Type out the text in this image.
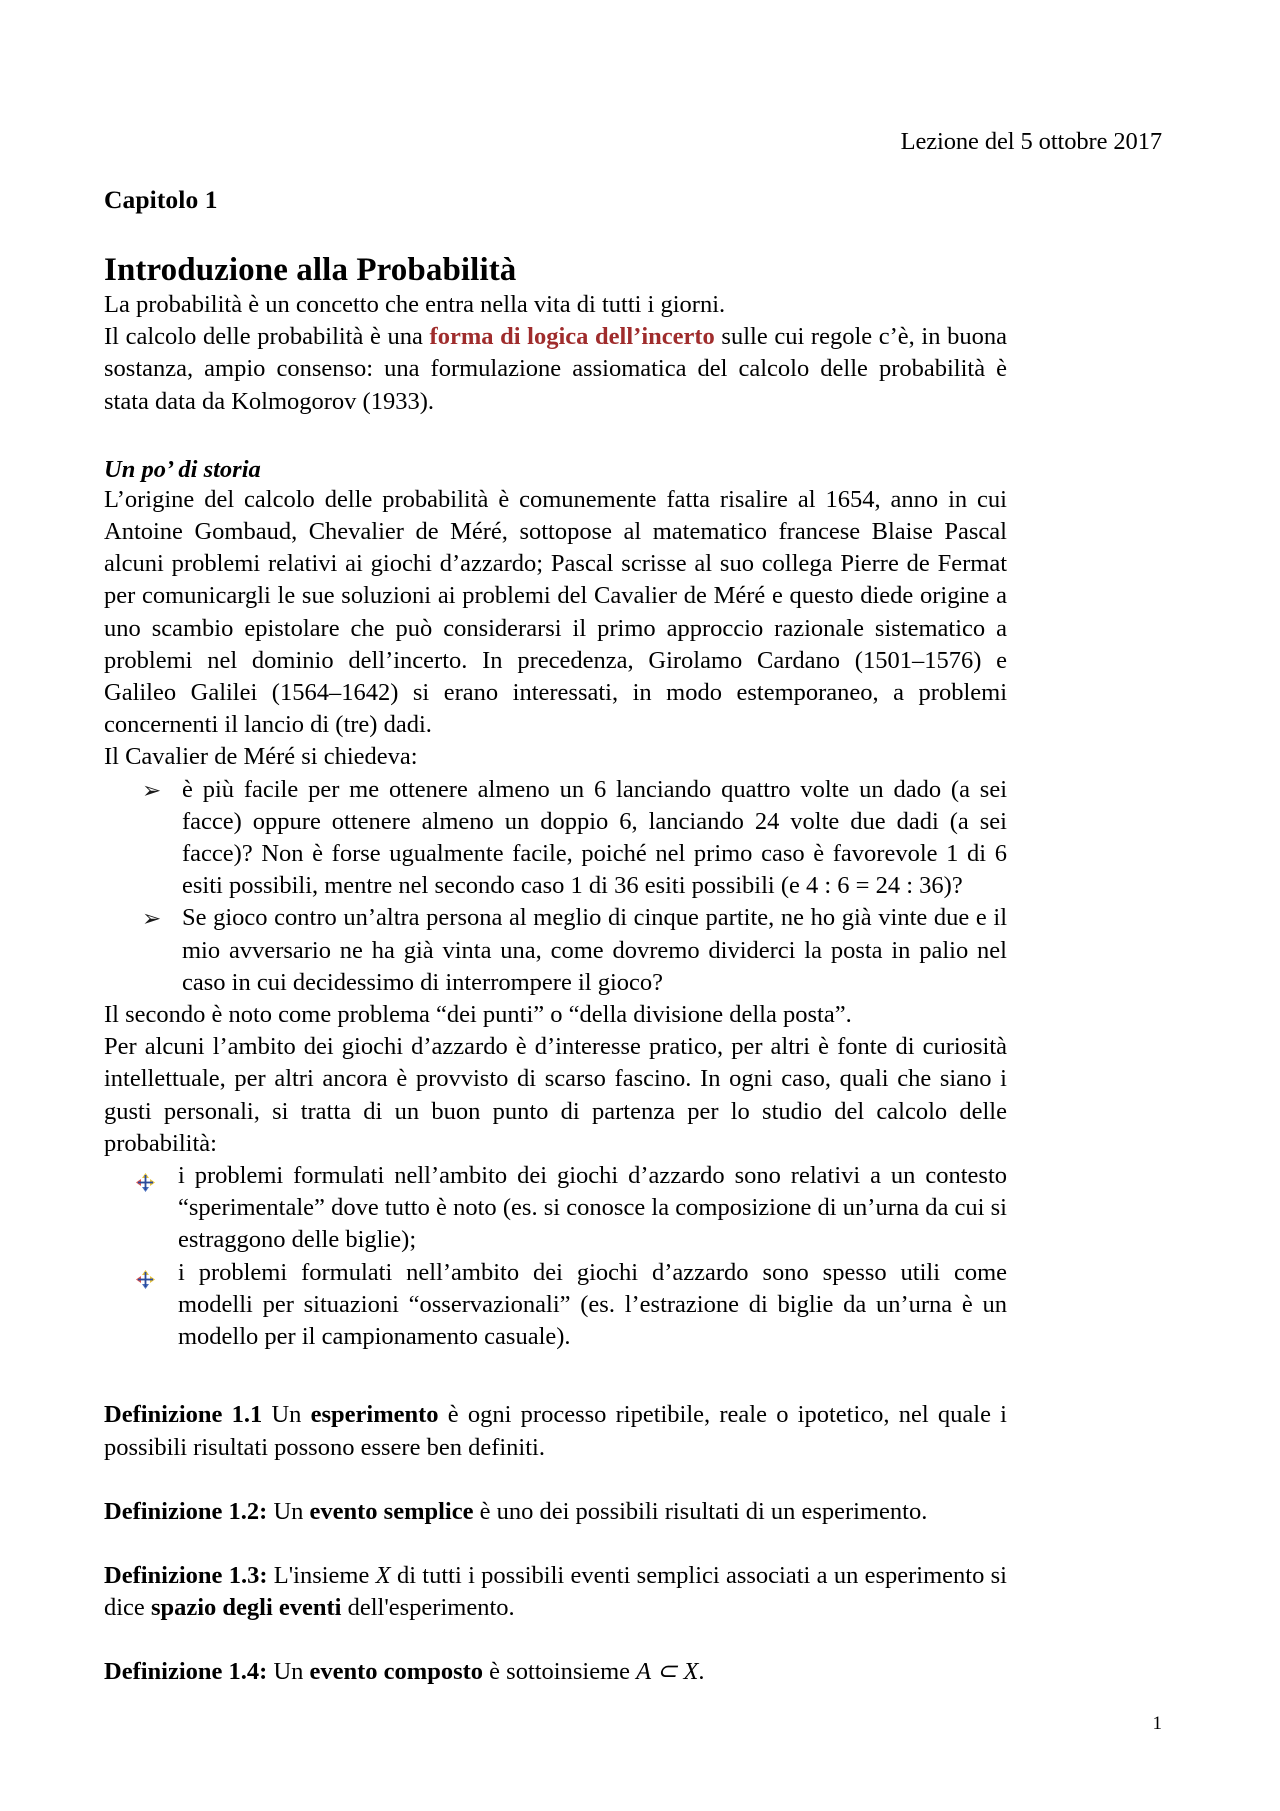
Lezione del 5 ottobre 2017
Capitolo 1
Introduzione alla Probabilità

La probabilità è un concetto che entra nella vita di tutti i giorni.

Il calcolo delle probabilità è una forma di logica dell’incerto sulle cui regole c’è, in buona sostanza, ampio consenso: una formulazione assiomatica del calcolo delle probabilità è stata data da Kolmogorov (1933).

Un po’ di storia

L’origine del calcolo delle probabilità è comunemente fatta risalire al 1654, anno in cui Antoine Gombaud, Chevalier de Méré, sottopose al matematico francese Blaise Pascal alcuni problemi relativi ai giochi d’azzardo; Pascal scrisse al suo collega Pierre de Fermat per comunicargli le sue soluzioni ai problemi del Cavalier de Méré e questo diede origine a uno scambio epistolare che può considerarsi il primo approccio razionale sistematico a problemi nel dominio dell’incerto. In precedenza, Girolamo Cardano (1501–1576) e Galileo Galilei (1564–1642) si erano interessati, in modo estemporaneo, a problemi concernenti il lancio di (tre) dadi.

Il Cavalier de Méré si chiedeva:

➢ è più facile per me ottenere almeno un 6 lanciando quattro volte un dado (a sei facce) oppure ottenere almeno un doppio 6, lanciando 24 volte due dadi (a sei facce)? Non è forse ugualmente facile, poiché nel primo caso è favorevole 1 di 6 esiti possibili, mentre nel secondo caso 1 di 36 esiti possibili (e 4 : 6 = 24 : 36)?
➢ Se gioco contro un’altra persona al meglio di cinque partite, ne ho già vinte due e il mio avversario ne ha già vinta una, come dovremo dividerci la posta in palio nel caso in cui decidessimo di interrompere il gioco?

Il secondo è noto come problema “dei punti” o “della divisione della posta”.

Per alcuni l’ambito dei giochi d’azzardo è d’interesse pratico, per altri è fonte di curiosità intellettuale, per altri ancora è provvisto di scarso fascino. In ogni caso, quali che siano i gusti personali, si tratta di un buon punto di partenza per lo studio del calcolo delle probabilità:

i problemi formulati nell’ambito dei giochi d’azzardo sono relativi a un contesto “sperimentale” dove tutto è noto (es. si conosce la composizione di un’urna da cui si estraggono delle biglie);
i problemi formulati nell’ambito dei giochi d’azzardo sono spesso utili come modelli per situazioni “osservazionali” (es. l’estrazione di biglie da un’urna è un modello per il campionamento casuale).
Definizione 1.1 Un esperimento è ogni processo ripetibile, reale o ipotetico, nel quale i possibili risultati possono essere ben definiti.
Definizione 1.2: Un evento semplice è uno dei possibili risultati di un esperimento.
Definizione 1.3: L'insieme X di tutti i possibili eventi semplici associati a un esperimento si dice spazio degli eventi dell'esperimento.
Definizione 1.4: Un evento composto è sottoinsieme A ⊂ X.
1
